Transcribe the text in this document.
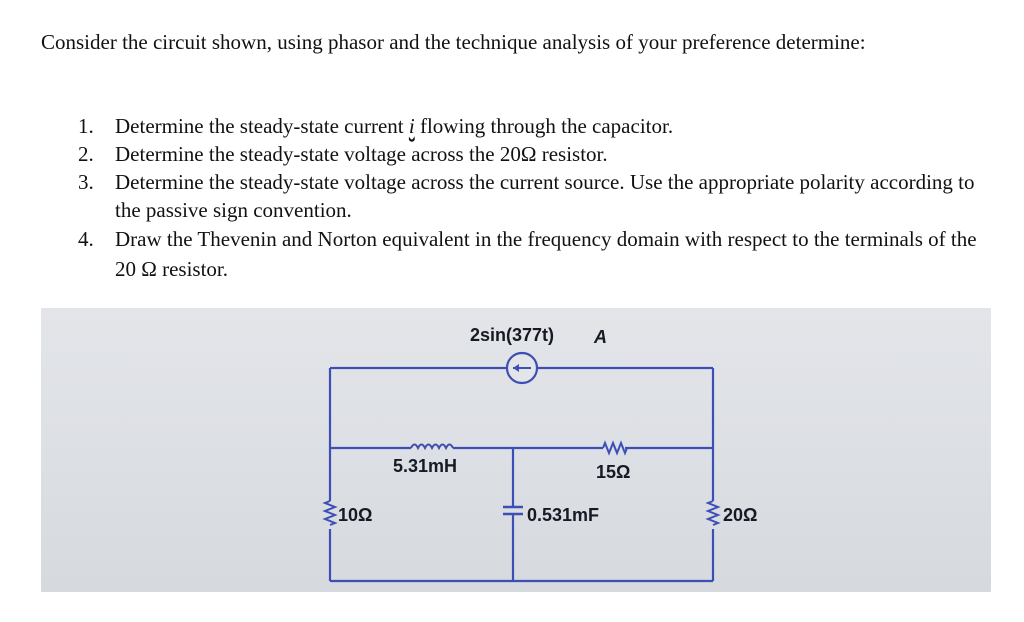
Consider the circuit shown, using phasor and the technique analysis of your preference determine:

1. Determine the steady-state current i flowing through the capacitor.
2. Determine the steady-state voltage across the 20Ω resistor.
3. Determine the steady-state voltage across the current source. Use the appropriate polarity according to the passive sign convention.
4. Draw the Thevenin and Norton equivalent in the frequency domain with respect to the terminals of the 20 Ω resistor.
2sin(377t) A
5.31mH	15Ω
10Ω	0.531mF	20Ω
